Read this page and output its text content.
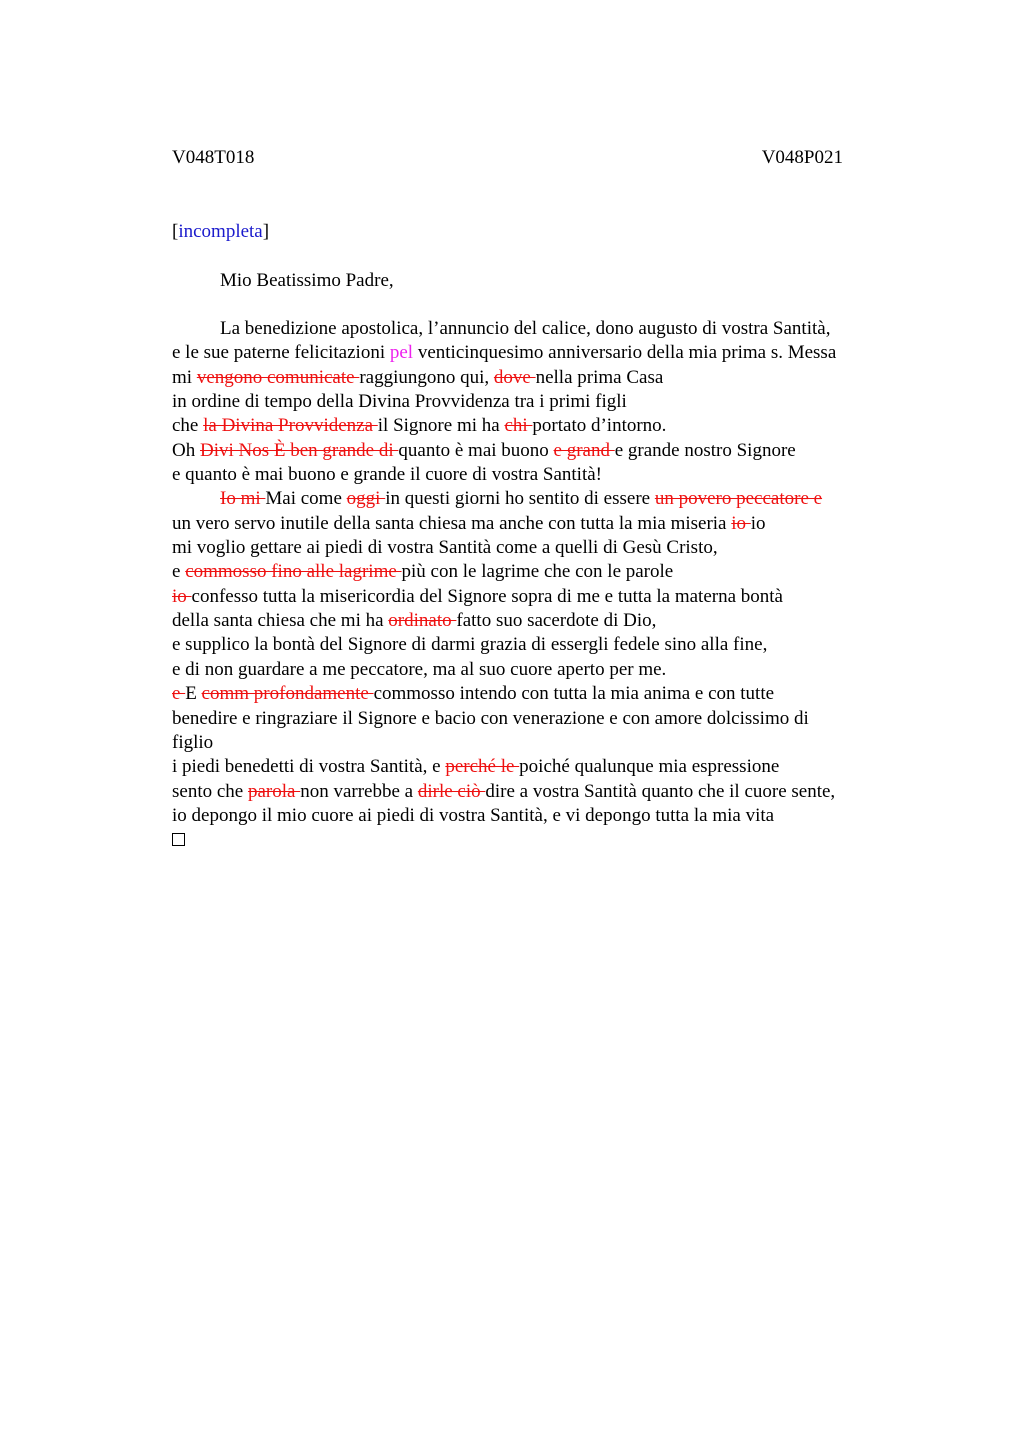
V048T018	V048P021
[incompleta]
Mio Beatissimo Padre,
La benedizione apostolica, l’annuncio del calice, dono augusto di vostra Santità,
e le sue paterne felicitazioni pel venticinquesimo anniversario della mia prima s. Messa
mi vengono comunicate raggiungono qui, dove nella prima Casa
in ordine di tempo della Divina Provvidenza tra i primi figli
che la Divina Provvidenza il Signore mi ha chi portato d’intorno.
Oh Divi Nos È ben grande di quanto è mai buono e grand e grande nostro Signore
e quanto è mai buono e grande il cuore di vostra Santità!
Io mi Mai come oggi in questi giorni ho sentito di essere un povero peccatore e
un vero servo inutile della santa chiesa ma anche con tutta la mia miseria io io
mi voglio gettare ai piedi di vostra Santità come a quelli di Gesù Cristo,
e commosso fino alle lagrime più con le lagrime che con le parole
io confesso tutta la misericordia del Signore sopra di me e tutta la materna bontà
della santa chiesa che mi ha ordinato fatto suo sacerdote di Dio,
e supplico la bontà del Signore di darmi grazia di essergli fedele sino alla fine,
e di non guardare a me peccatore, ma al suo cuore aperto per me.
e E comm profondamente commosso intendo con tutta la mia anima e con tutte
benedire e ringraziare il Signore e bacio con venerazione e con amore dolcissimo di
figlio
i piedi benedetti di vostra Santità, e perché le poiché qualunque mia espressione
sento che parola non varrebbe a dirle ciò dire a vostra Santità quanto che il cuore sente,
io depongo il mio cuore ai piedi di vostra Santità, e vi depongo tutta la mia vita
